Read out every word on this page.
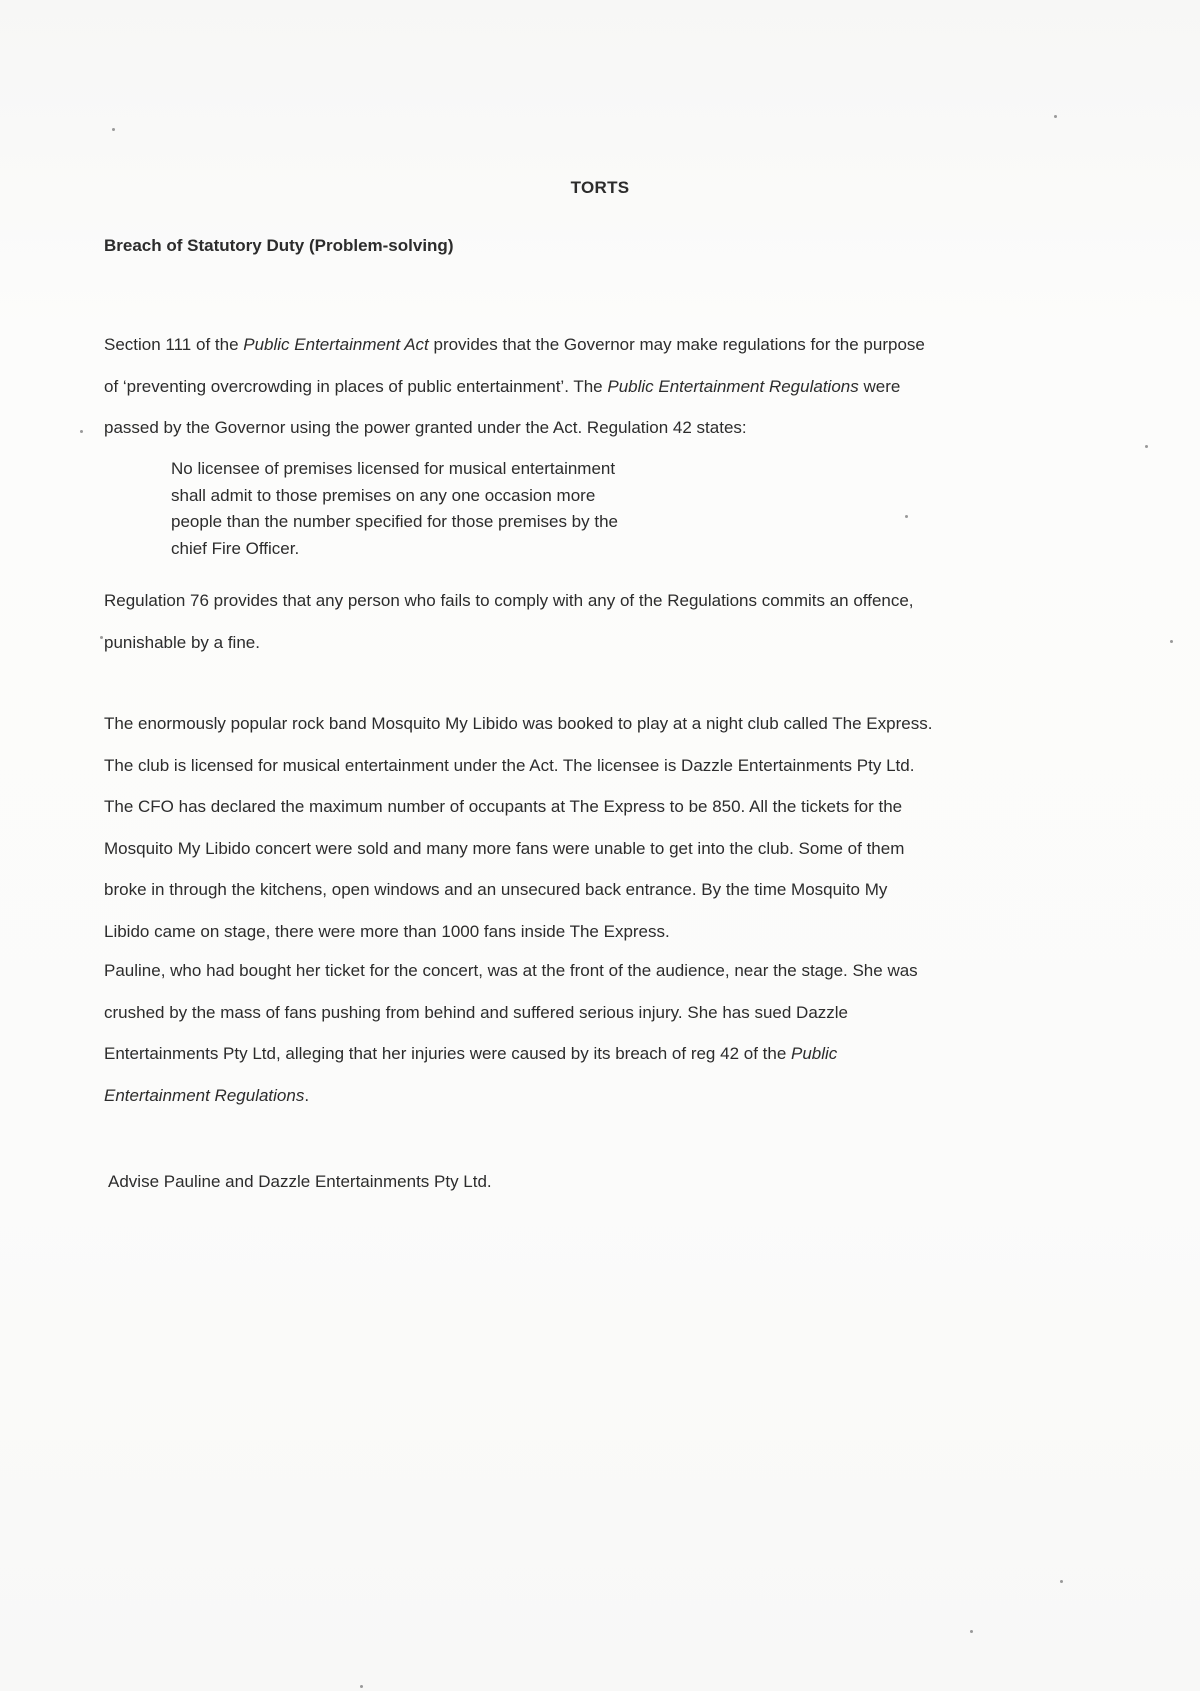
TORTS
Breach of Statutory Duty (Problem-solving)

Section 111 of the Public Entertainment Act provides that the Governor may make regulations for the purpose
of ‘preventing overcrowding in places of public entertainment’. The Public Entertainment Regulations were
passed by the Governor using the power granted under the Act. Regulation 42 states:

No licensee of premises licensed for musical entertainment
shall admit to those premises on any one occasion more
people than the number specified for those premises by the
chief Fire Officer.

Regulation 76 provides that any person who fails to comply with any of the Regulations commits an offence,
punishable by a fine.

The enormously popular rock band Mosquito My Libido was booked to play at a night club called The Express.
The club is licensed for musical entertainment under the Act. The licensee is Dazzle Entertainments Pty Ltd.
The CFO has declared the maximum number of occupants at The Express to be 850. All the tickets for the
Mosquito My Libido concert were sold and many more fans were unable to get into the club. Some of them
broke in through the kitchens, open windows and an unsecured back entrance. By the time Mosquito My
Libido came on stage, there were more than 1000 fans inside The Express.

Pauline, who had bought her ticket for the concert, was at the front of the audience, near the stage. She was
crushed by the mass of fans pushing from behind and suffered serious injury. She has sued Dazzle
Entertainments Pty Ltd, alleging that her injuries were caused by its breach of reg 42 of the Public
Entertainment Regulations.

Advise Pauline and Dazzle Entertainments Pty Ltd.
